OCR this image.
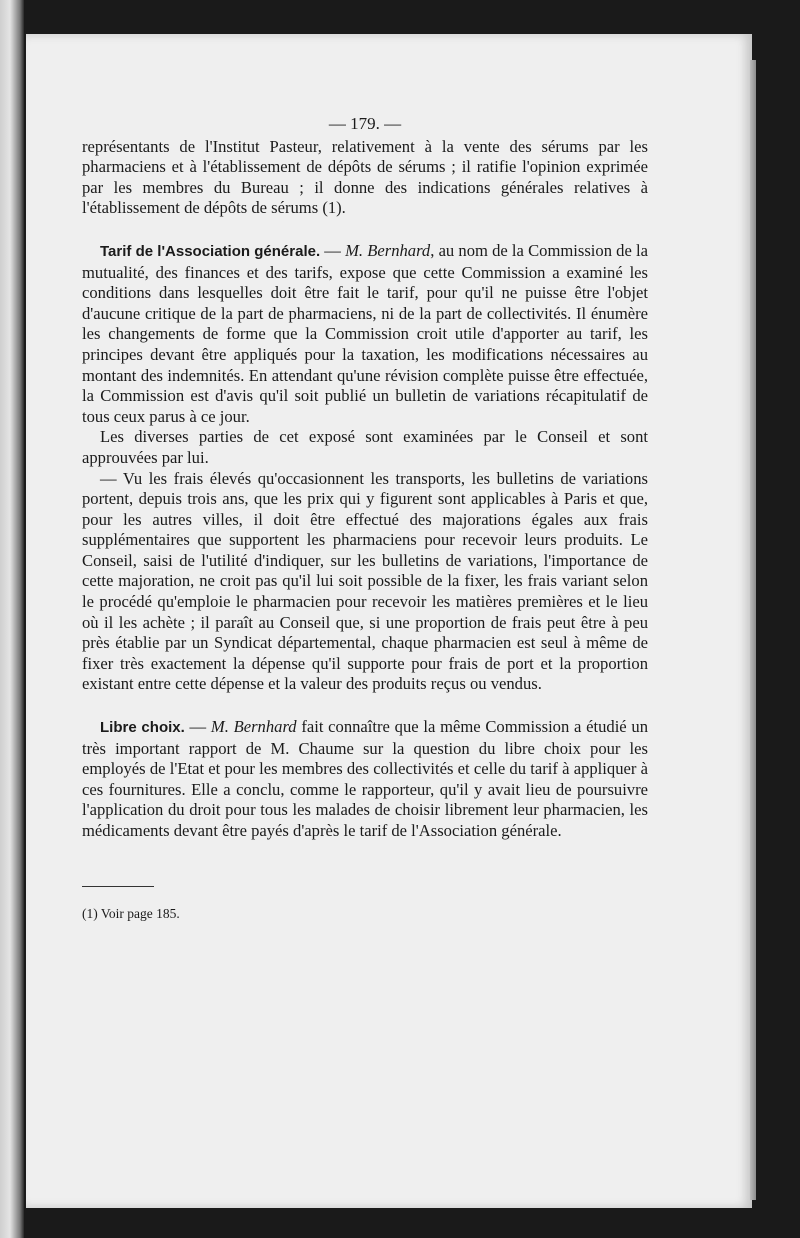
— 179. —

représentants de l'Institut Pasteur, relativement à la vente des sérums par les pharmaciens et à l'établissement de dépôts de sérums ; il ratifie l'opinion exprimée par les membres du Bureau ; il donne des indications générales relatives à l'établissement de dépôts de sérums (1).

Tarif de l'Association générale. — M. Bernhard, au nom de la Commission de la mutualité, des finances et des tarifs, expose que cette Commission a examiné les conditions dans lesquelles doit être fait le tarif, pour qu'il ne puisse être l'objet d'aucune critique de la part de pharmaciens, ni de la part de collectivités. Il énumère les changements de forme que la Commission croit utile d'apporter au tarif, les principes devant être appliqués pour la taxation, les modifications nécessaires au montant des indemnités. En attendant qu'une révision complète puisse être effectuée, la Commission est d'avis qu'il soit publié un bulletin de variations récapitulatif de tous ceux parus à ce jour.

Les diverses parties de cet exposé sont examinées par le Conseil et sont approuvées par lui.

— Vu les frais élevés qu'occasionnent les transports, les bulletins de variations portent, depuis trois ans, que les prix qui y figurent sont applicables à Paris et que, pour les autres villes, il doit être effectué des majorations égales aux frais supplémentaires que supportent les pharmaciens pour recevoir leurs produits. Le Conseil, saisi de l'utilité d'indiquer, sur les bulletins de variations, l'importance de cette majoration, ne croit pas qu'il lui soit possible de la fixer, les frais variant selon le procédé qu'emploie le pharmacien pour recevoir les matières premières et le lieu où il les achète ; il paraît au Conseil que, si une proportion de frais peut être à peu près établie par un Syndicat départemental, chaque pharmacien est seul à même de fixer très exactement la dépense qu'il supporte pour frais de port et la proportion existant entre cette dépense et la valeur des produits reçus ou vendus.

Libre choix. — M. Bernhard fait connaître que la même Commission a étudié un très important rapport de M. Chaume sur la question du libre choix pour les employés de l'Etat et pour les membres des collectivités et celle du tarif à appliquer à ces fournitures. Elle a conclu, comme le rapporteur, qu'il y avait lieu de poursuivre l'application du droit pour tous les malades de choisir librement leur pharmacien, les médicaments devant être payés d'après le tarif de l'Association générale.

(1) Voir page 185.
